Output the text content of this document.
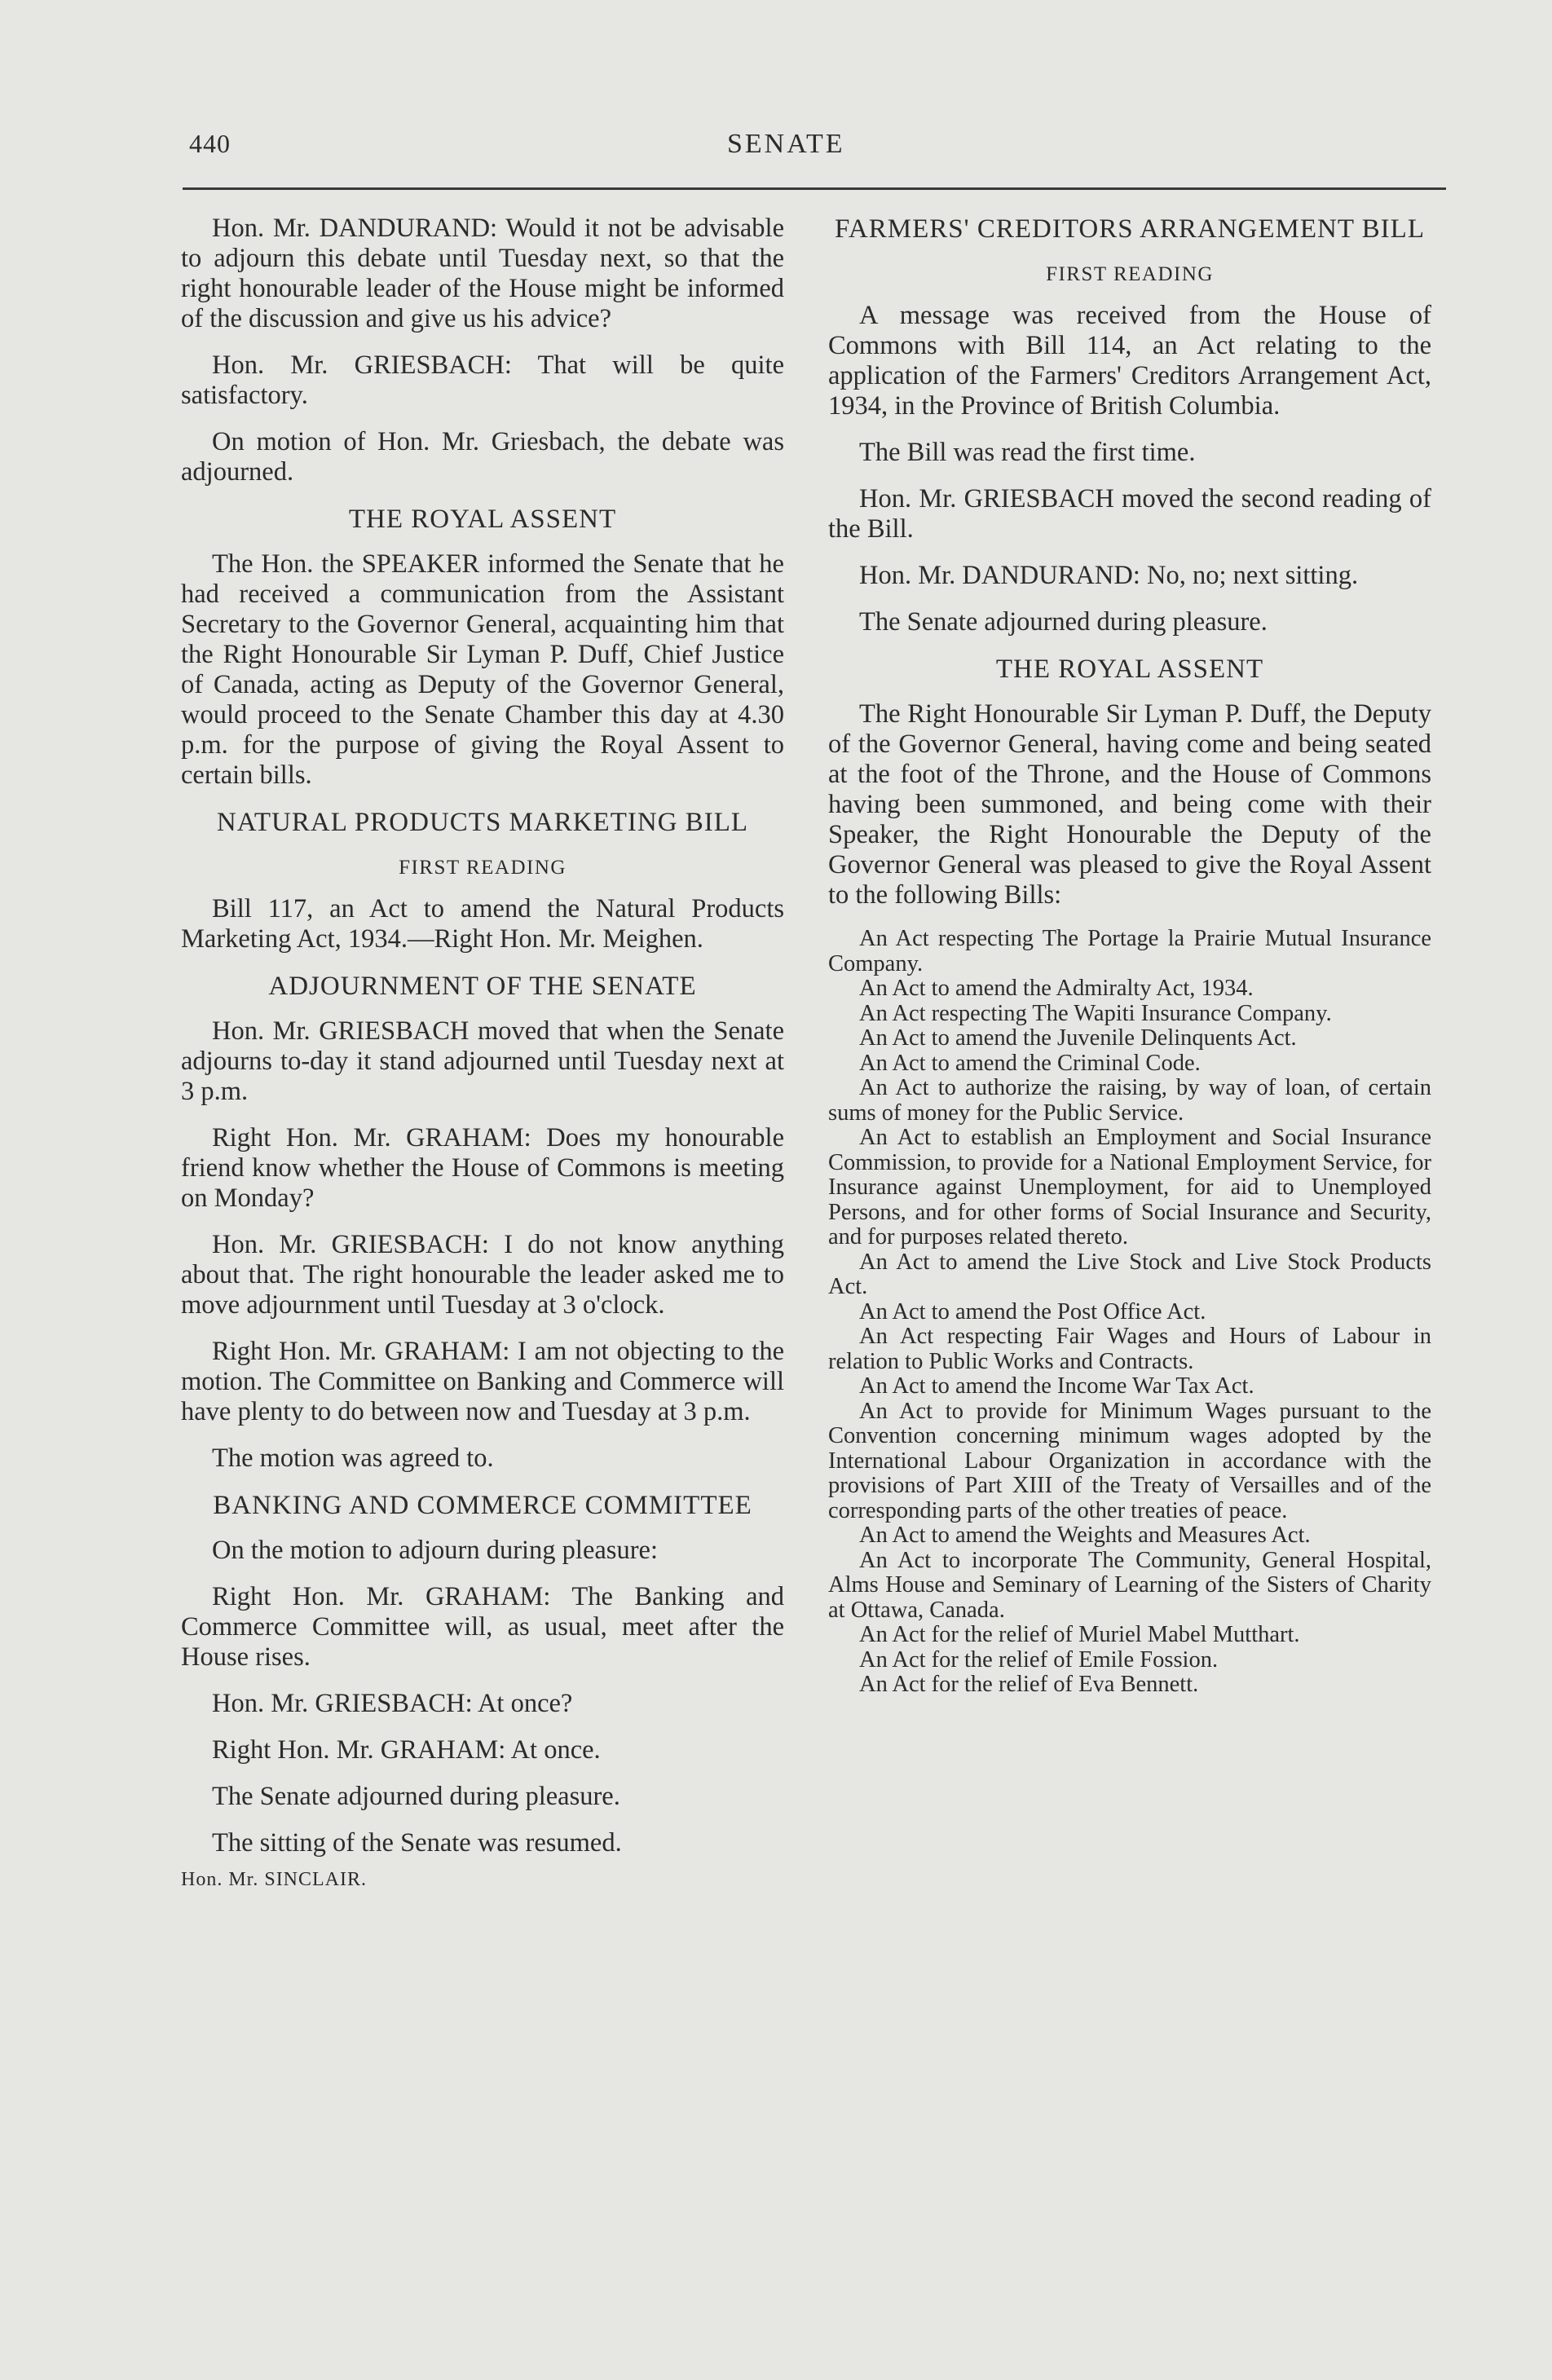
440	SENATE

Hon. Mr. DANDURAND: Would it not be advisable to adjourn this debate until Tuesday next, so that the right honourable leader of the House might be informed of the discussion and give us his advice?

Hon. Mr. GRIESBACH: That will be quite satisfactory.

On motion of Hon. Mr. Griesbach, the debate was adjourned.

THE ROYAL ASSENT

The Hon. the SPEAKER informed the Senate that he had received a communication from the Assistant Secretary to the Governor General, acquainting him that the Right Honourable Sir Lyman P. Duff, Chief Justice of Canada, acting as Deputy of the Governor General, would proceed to the Senate Chamber this day at 4.30 p.m. for the purpose of giving the Royal Assent to certain bills.

NATURAL PRODUCTS MARKETING BILL
FIRST READING

Bill 117, an Act to amend the Natural Products Marketing Act, 1934.—Right Hon. Mr. Meighen.

ADJOURNMENT OF THE SENATE

Hon. Mr. GRIESBACH moved that when the Senate adjourns to-day it stand adjourned until Tuesday next at 3 p.m.

Right Hon. Mr. GRAHAM: Does my honourable friend know whether the House of Commons is meeting on Monday?

Hon. Mr. GRIESBACH: I do not know anything about that. The right honourable the leader asked me to move adjournment until Tuesday at 3 o'clock.

Right Hon. Mr. GRAHAM: I am not objecting to the motion. The Committee on Banking and Commerce will have plenty to do between now and Tuesday at 3 p.m.

The motion was agreed to.

BANKING AND COMMERCE COMMITTEE

On the motion to adjourn during pleasure:

Right Hon. Mr. GRAHAM: The Banking and Commerce Committee will, as usual, meet after the House rises.

Hon. Mr. GRIESBACH: At once?

Right Hon. Mr. GRAHAM: At once.

The Senate adjourned during pleasure.

The sitting of the Senate was resumed.

Hon. Mr. SINCLAIR.

FARMERS' CREDITORS ARRANGEMENT BILL
FIRST READING

A message was received from the House of Commons with Bill 114, an Act relating to the application of the Farmers' Creditors Arrangement Act, 1934, in the Province of British Columbia.

The Bill was read the first time.

Hon. Mr. GRIESBACH moved the second reading of the Bill.

Hon. Mr. DANDURAND: No, no; next sitting.

The Senate adjourned during pleasure.

THE ROYAL ASSENT

The Right Honourable Sir Lyman P. Duff, the Deputy of the Governor General, having come and being seated at the foot of the Throne, and the House of Commons having been summoned, and being come with their Speaker, the Right Honourable the Deputy of the Governor General was pleased to give the Royal Assent to the following Bills:

An Act respecting The Portage la Prairie Mutual Insurance Company.

An Act to amend the Admiralty Act, 1934.

An Act respecting The Wapiti Insurance Company.

An Act to amend the Juvenile Delinquents Act.

An Act to amend the Criminal Code.

An Act to authorize the raising, by way of loan, of certain sums of money for the Public Service.

An Act to establish an Employment and Social Insurance Commission, to provide for a National Employment Service, for Insurance against Unemployment, for aid to Unemployed Persons, and for other forms of Social Insurance and Security, and for purposes related thereto.

An Act to amend the Live Stock and Live Stock Products Act.

An Act to amend the Post Office Act.

An Act respecting Fair Wages and Hours of Labour in relation to Public Works and Contracts.

An Act to amend the Income War Tax Act.

An Act to provide for Minimum Wages pursuant to the Convention concerning minimum wages adopted by the International Labour Organization in accordance with the provisions of Part XIII of the Treaty of Versailles and of the corresponding parts of the other treaties of peace.

An Act to amend the Weights and Measures Act.

An Act to incorporate The Community, General Hospital, Alms House and Seminary of Learning of the Sisters of Charity at Ottawa, Canada.

An Act for the relief of Muriel Mabel Mutthart.

An Act for the relief of Emile Fossion.

An Act for the relief of Eva Bennett.
